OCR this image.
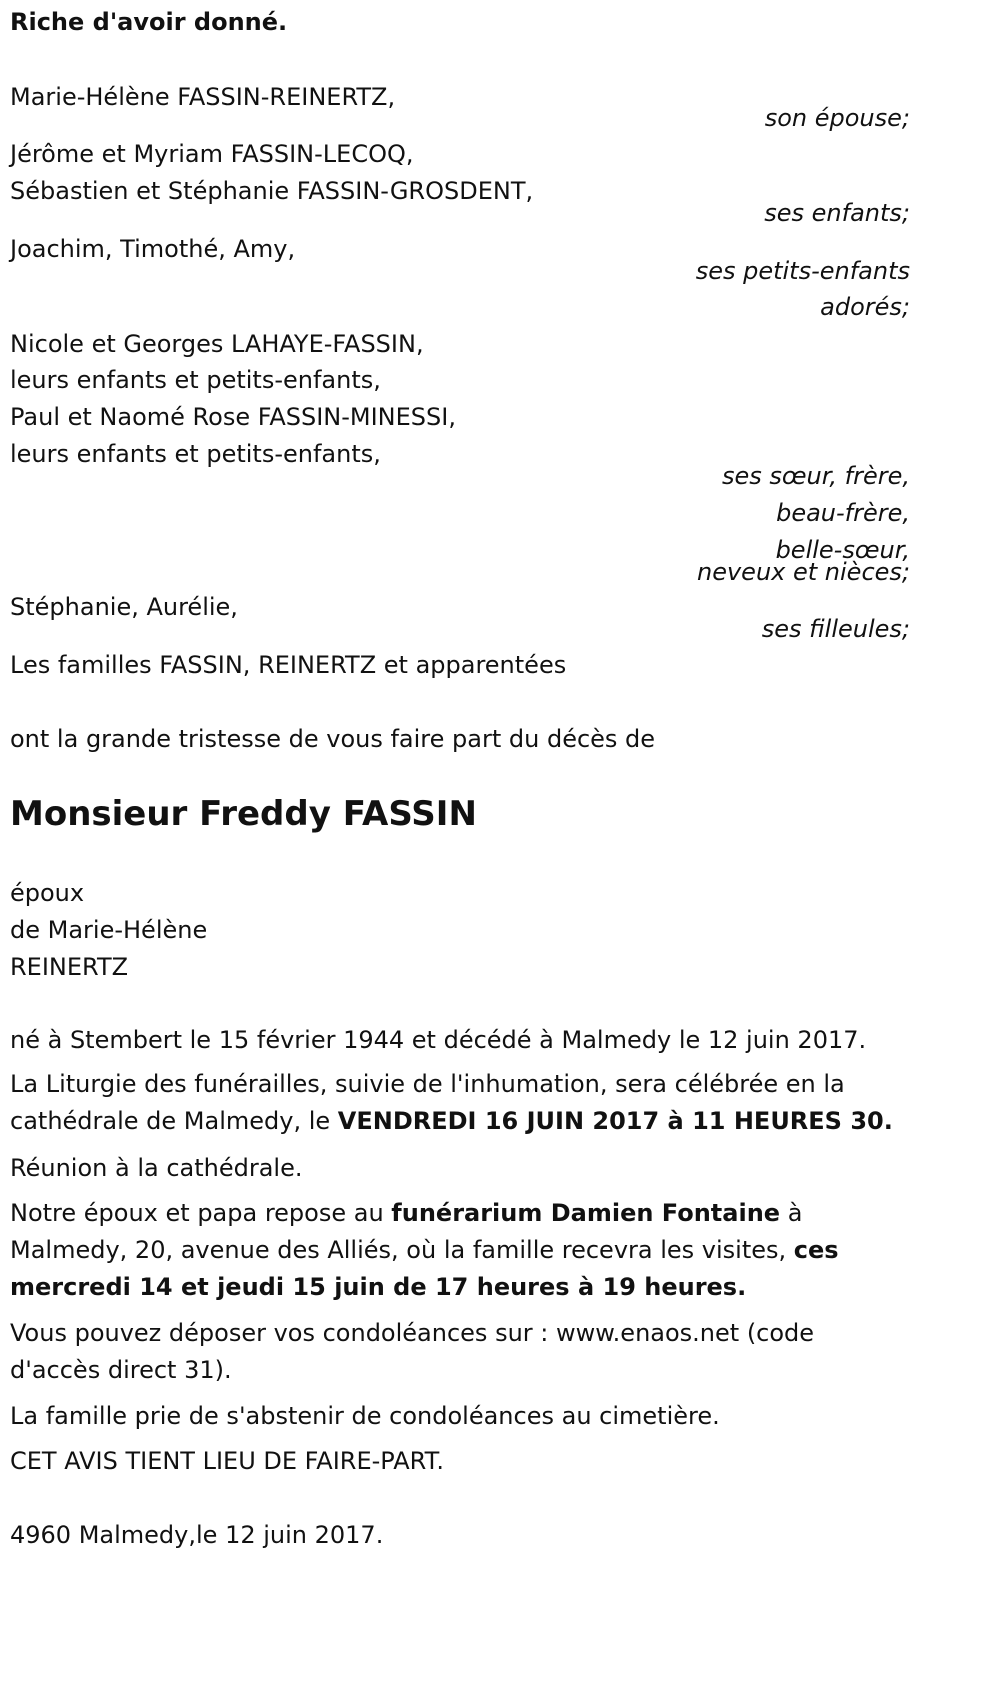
Riche d'avoir donné.
Marie-Hélène FASSIN-REINERTZ,
son épouse;
Jérôme et Myriam FASSIN-LECOQ,
Sébastien et Stéphanie FASSIN-GROSDENT,
ses enfants;
Joachim, Timothé, Amy,
ses petits-enfants
adorés;
Nicole et Georges LAHAYE-FASSIN,
leurs enfants et petits-enfants,
Paul et Naomé Rose FASSIN-MINESSI,
leurs enfants et petits-enfants,
ses sœur, frère,
beau-frère,
belle-sœur,
neveux et nièces;
Stéphanie, Aurélie,
ses filleules;
Les familles FASSIN, REINERTZ et apparentées
ont la grande tristesse de vous faire part du décès de
Monsieur Freddy FASSIN
époux
de Marie-Hélène
REINERTZ
né à Stembert le 15 février 1944 et décédé à Malmedy le 12 juin 2017.
La Liturgie des funérailles, suivie de l'inhumation, sera célébrée en la cathédrale de Malmedy, le VENDREDI 16 JUIN 2017 à 11 HEURES 30.
Réunion à la cathédrale.
Notre époux et papa repose au funérarium Damien Fontaine à Malmedy, 20, avenue des Alliés, où la famille recevra les visites, ces mercredi 14 et jeudi 15 juin de 17 heures à 19 heures.
Vous pouvez déposer vos condoléances sur : www.enaos.net (code d'accès direct 31).
La famille prie de s'abstenir de condoléances au cimetière.
CET AVIS TIENT LIEU DE FAIRE-PART.
4960 Malmedy,le 12 juin 2017.
